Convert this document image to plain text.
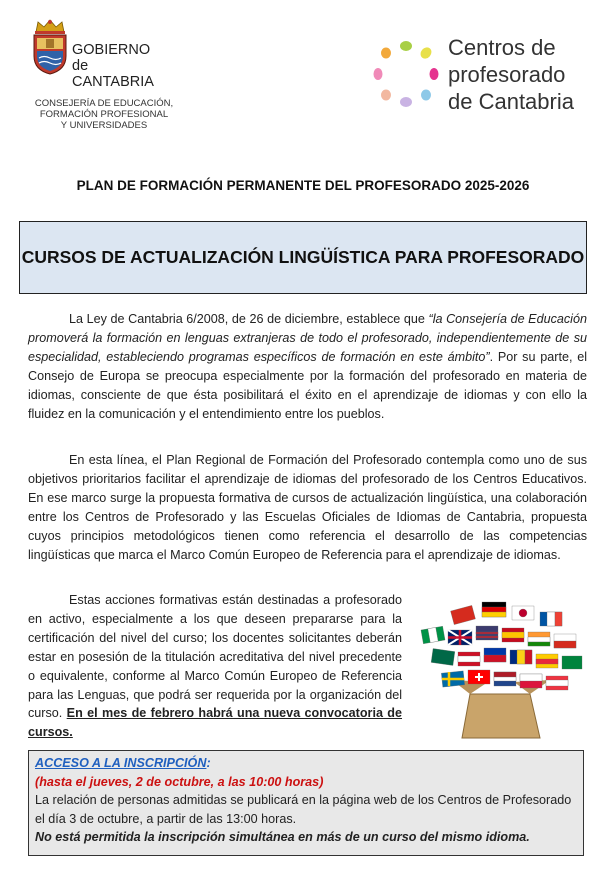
GOBIERNO
de
CANTABRIA
CONSEJERÍA DE EDUCACIÓN,
FORMACIÓN PROFESIONAL
Y UNIVERSIDADES
Centros de
profesorado
de Cantabria
PLAN DE FORMACIÓN PERMANENTE DEL PROFESORADO 2025-2026
CURSOS DE ACTUALIZACIÓN LINGÜÍSTICA PARA PROFESORADO
La Ley de Cantabria 6/2008, de 26 de diciembre, establece que “la Consejería de Educación promoverá la formación en lenguas extranjeras de todo el profesorado, independientemente de su especialidad, estableciendo programas específicos de formación en este ámbito”. Por su parte, el Consejo de Europa se preocupa especialmente por la formación del profesorado en materia de idiomas, consciente de que ésta posibilitará el éxito en el aprendizaje de idiomas y con ello la fluidez en la comunicación y el entendimiento entre los pueblos.
En esta línea, el Plan Regional de Formación del Profesorado contempla como uno de sus objetivos prioritarios facilitar el aprendizaje de idiomas del profesorado de los Centros Educativos. En ese marco surge la propuesta formativa de cursos de actualización lingüística, una colaboración entre los Centros de Profesorado y las Escuelas Oficiales de Idiomas de Cantabria, propuesta cuyos principios metodológicos tienen como referencia el desarrollo de las competencias lingüísticas que marca el Marco Común Europeo de Referencia para el aprendizaje de idiomas.
Estas acciones formativas están destinadas a profesorado en activo, especialmente a los que deseen prepararse para la certificación del nivel del curso; los docentes solicitantes deberán estar en posesión de la titulación acreditativa del nivel precedente o equivalente, conforme al Marco Común Europeo de Referencia para las Lenguas, que podrá ser requerida por la organización del curso. En el mes de febrero habrá una nueva convocatoria de cursos.
ACCESO A LA INSCRIPCIÓN:
(hasta el jueves, 2 de octubre, a las 10:00 horas)
La relación de personas admitidas se publicará en la página web de los Centros de Profesorado el día 3 de octubre, a partir de las 13:00 horas.
No está permitida la inscripción simultánea en más de un curso del mismo idioma.
